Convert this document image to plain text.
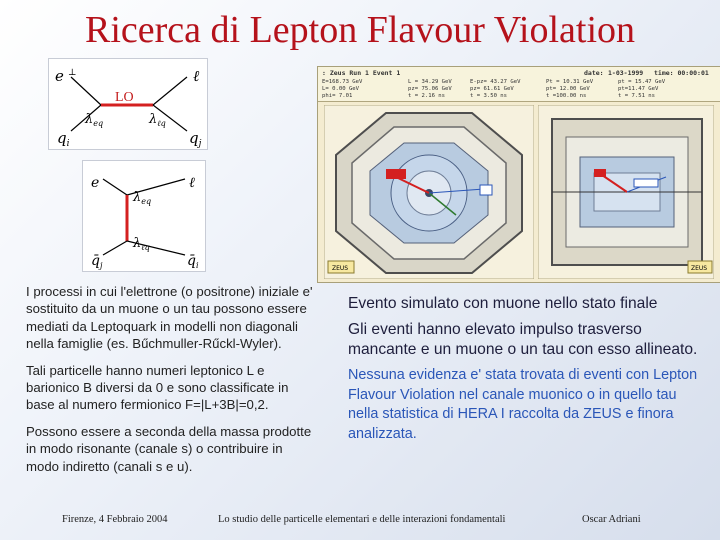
Ricerca di Lepton Flavour Violation
e ⊥
LO
ℓ
$q_i$	$q_j$
$\lambda_{eq}$	$\lambda_{\ell q}$
e	ℓ
$\lambda_{eq}$
$\lambda_{\ell q}$
$q̄_j$	$q̄_i$

I processi in cui l'elettrone (o positrone) iniziale e' sostituito da un muone o un tau possono essere mediati da Leptoquark in modelli non diagonali nella famiglie (es. Bűchmuller-Rűckl-Wyler).

Tali particelle hanno numeri leptonico L e barionico B diversi da 0 e sono classificate in base al numero fermionico F=|L+3B|=0,2.

Possono essere a seconda della massa prodotte in modo risonante (canale s) o contribuire in modo indiretto (canali s e u).

: Zeus Run 1 Event 1	date: 1-03-1999 time: 00:00:01
E=168.73 GeV	L = 34.29 GeV	E-pz= 43.27 GeV	Pt = 10.31 GeV	pt = 15.47 GeV
L= 0.00 GeV	pz= 75.06 GeV	pz= 61.61 GeV	pt= 12.00 GeV	pt=11.47 GeV
phi= 7.01	t = 2.16 ns	t = 3.50 ns	t =100.00 ns	t = 7.51 ns
ZEUS	ZEUS

Evento simulato con muone nello stato finale

Gli eventi hanno elevato impulso trasverso mancante e un muone o un tau con esso allineato.

Nessuna evidenza e' stata trovata di eventi con Lepton Flavour Violation nel canale muonico o in quello tau nella statistica di HERA I raccolta da ZEUS e finora analizzata.

Firenze, 4 Febbraio 2004	Lo studio delle particelle elementari e delle interazioni fondamentali	Oscar Adriani
